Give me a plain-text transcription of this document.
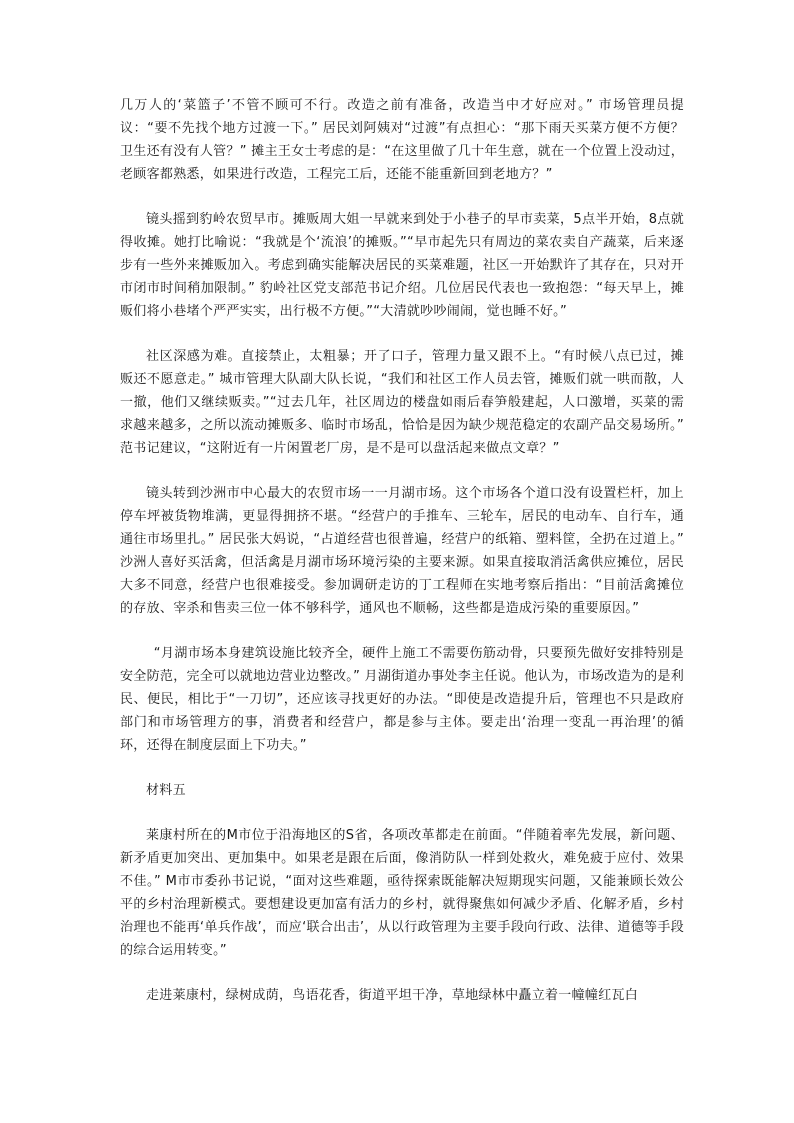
几万人的‘菜篮子’不管不顾可不行。改造之前有准备，改造当中才好应对。” 市场管理员提议：“要不先找个地方过渡一下。” 居民刘阿姨对“过渡”有点担心：“那下雨天买菜方便不方便？卫生还有没有人管？” 摊主王女士考虑的是：“在这里做了几十年生意，就在一个位置上没动过，老顾客都熟悉，如果进行改造，工程完工后，还能不能重新回到老地方？”

镜头摇到豹岭农贸早市。摊贩周大姐一早就来到处于小巷子的早市卖菜，5点半开始，8点就得收摊。她打比喻说：“我就是个‘流浪’的摊贩。”“早市起先只有周边的菜农卖自产蔬菜，后来逐步有一些外来摊贩加入。考虑到确实能解决居民的买菜难题，社区一开始默许了其存在，只对开市闭市时间稍加限制。” 豹岭社区党支部范书记介绍。几位居民代表也一致抱怨：“每天早上，摊贩们将小巷堵个严严实实，出行极不方便。”“大清就吵吵闹闹，觉也睡不好。”

社区深感为难。直接禁止，太粗暴；开了口子，管理力量又跟不上。“有时候八点已过，摊贩还不愿意走。” 城市管理大队副大队长说，“我们和社区工作人员去管，摊贩们就一哄而散，人一撤，他们又继续贩卖。”“过去几年，社区周边的楼盘如雨后春笋般建起，人口激增，买菜的需求越来越多，之所以流动摊贩多、临时市场乱，恰恰是因为缺少规范稳定的农副产品交易场所。” 范书记建议，“这附近有一片闲置老厂房，是不是可以盘活起来做点文章？”

镜头转到沙洲市中心最大的农贸市场一一月湖市场。这个市场各个道口没有设置栏杆，加上停车坪被货物堆满，更显得拥挤不堪。“经营户的手推车、三轮车，居民的电动车、自行车，通通往市场里扎。” 居民张大妈说，“占道经营也很普遍，经营户的纸箱、塑料筐，全扔在过道上。” 沙洲人喜好买活禽，但活禽是月湖市场环境污染的主要来源。如果直接取消活禽供应摊位，居民大多不同意，经营户也很难接受。参加调研走访的丁工程师在实地考察后指出：“目前活禽摊位的存放、宰杀和售卖三位一体不够科学，通风也不顺畅，这些都是造成污染的重要原因。”

“月湖市场本身建筑设施比较齐全，硬件上施工不需要伤筋动骨，只要预先做好安排特别是安全防范，完全可以就地边营业边整改。” 月湖街道办事处李主任说。他认为，市场改造为的是利民、便民，相比于“一刀切”，还应该寻找更好的办法。“即使是改造提升后，管理也不只是政府部门和市场管理方的事，消费者和经营户，都是参与主体。要走出‘治理一变乱一再治理’的循环，还得在制度层面上下功夫。”

材料五

莱康村所在的M市位于沿海地区的S省，各项改革都走在前面。“伴随着率先发展，新问题、新矛盾更加突出、更加集中。如果老是跟在后面，像消防队一样到处救火，难免疲于应付、效果不佳。” M市市委孙书记说，“面对这些难题，亟待探索既能解决短期现实问题，又能兼顾长效公平的乡村治理新模式。要想建设更加富有活力的乡村，就得聚焦如何减少矛盾、化解矛盾，乡村治理也不能再‘单兵作战’，而应‘联合出击’，从以行政管理为主要手段向行政、法律、道德等手段的综合运用转变。”

走进莱康村，绿树成荫，鸟语花香，街道平坦干净，草地绿林中矗立着一幢幢红瓦白
